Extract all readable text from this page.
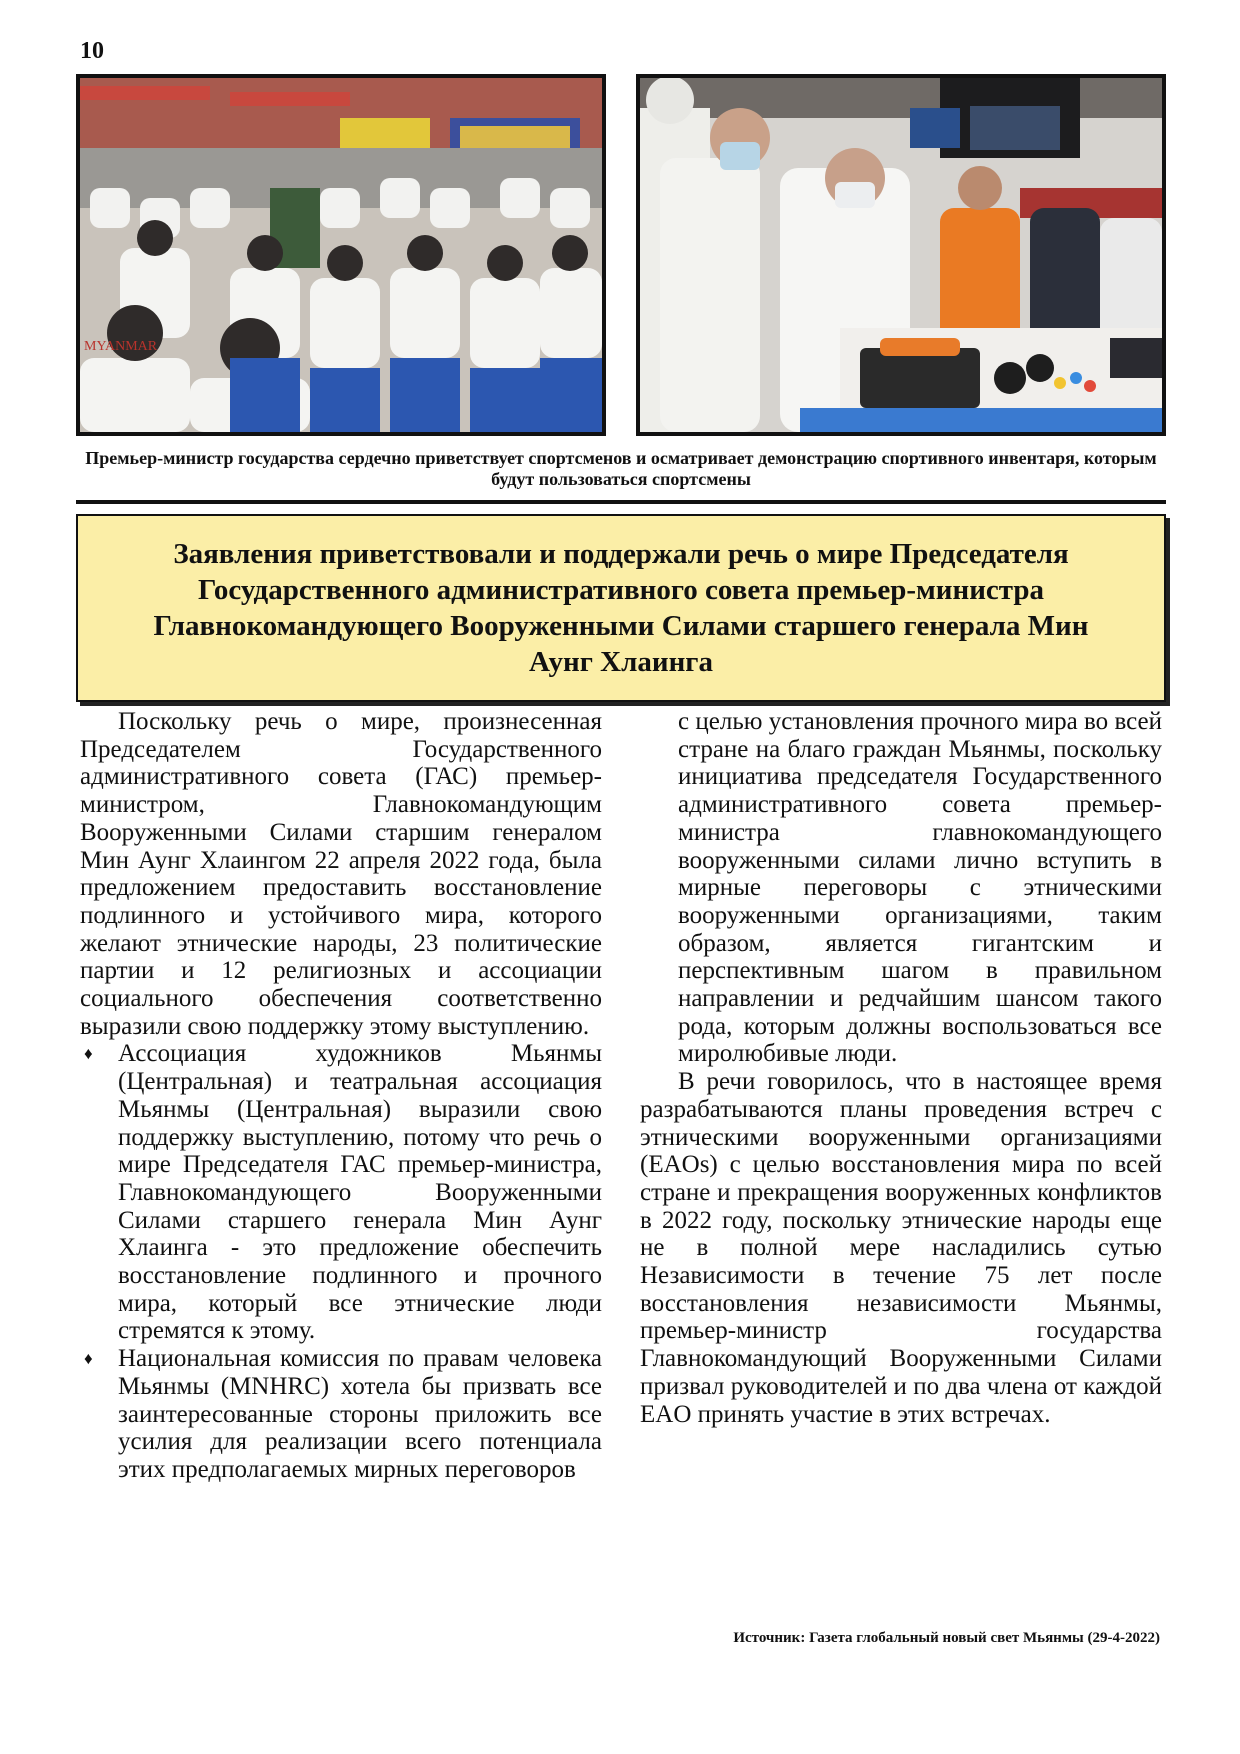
10
MYANMAR
Премьер-министр государства сердечно приветствует спортсменов и осматривает демонстрацию спортивного инвентаря, которым будут пользоваться спортсмены
Заявления приветствовали и поддержали речь о мире Председателя Государственного административного совета премьер-министра Главнокомандующего Вооруженными Силами старшего генерала Мин Аунг Хлаинга

Поскольку речь о мире, произнесенная Председателем Государственного административного совета (ГАС) премьер-министром, Главнокомандующим Вооруженными Силами старшим генералом Мин Аунг Хлаингом 22 апреля 2022 года, была предложением предоставить восстановление подлинного и устойчивого мира, которого желают этнические народы, 23 политические партии и 12 религиозных и ассоциации социального обеспечения соответственно выразили свою поддержку этому выступлению.

♦ Ассоциация художников Мьянмы (Центральная) и театральная ассоциация Мьянмы (Центральная) выразили свою поддержку выступлению, потому что речь о мире Председателя ГАС премьер-министра, Главнокомандующего Вооруженными Силами старшего генерала Мин Аунг Хлаинга - это предложение обеспечить восстановление подлинного и прочного мира, который все этнические люди стремятся к этому.
♦ Национальная комиссия по правам человека Мьянмы (MNHRC) хотела бы призвать все заинтересованные стороны приложить все усилия для реализации всего потенциала этих предполагаемых мирных переговоров

с целью установления прочного мира во всей стране на благо граждан Мьянмы, поскольку инициатива председателя Государственного административного совета премьер-министра главнокомандующего вооруженными силами лично вступить в мирные переговоры с этническими вооруженными организациями, таким образом, является гигантским и перспективным шагом в правильном направлении и редчайшим шансом такого рода, которым должны воспользоваться все миролюбивые люди.

В речи говорилось, что в настоящее время разрабатываются планы проведения встреч с этническими вооруженными организациями (EAOs) с целью восстановления мира по всей стране и прекращения вооруженных конфликтов в 2022 году, поскольку этнические народы еще не в полной мере насладились сутью Независимости в течение 75 лет после восстановления независимости Мьянмы, премьер-министр государства Главнокомандующий Вооруженными Силами призвал руководителей и по два члена от каждой EAO принять участие в этих встречах.

Источник: Газета глобальный новый свет Мьянмы (29-4-2022)
